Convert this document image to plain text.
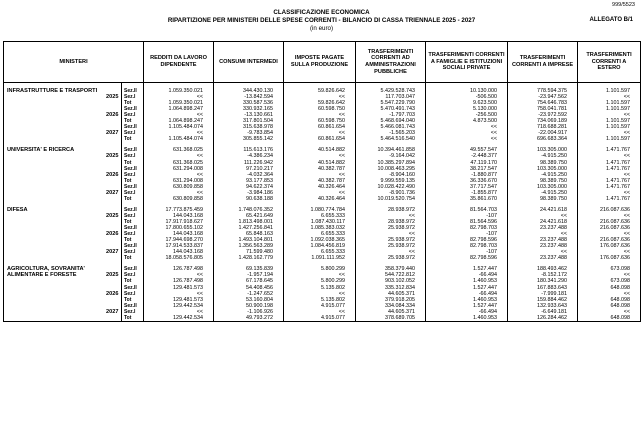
999/5523
CLASSIFICAZIONE ECONOMICA
RIPARTIZIONE PER MINISTERI DELLE SPESE CORRENTI - BILANCIO DI CASSA TRIENNALE 2025 - 2027
(in euro)
ALLEGATO B/1
MINISTERI		REDDITI DA LAVORO DIPENDENTE	CONSUMI INTERMEDI	IMPOSTE PAGATE SULLA PRODUZIONE	TRASFERIMENTI CORRENTI AD AMMINISTRAZIONI PUBBLICHE	TRASFERIMENTI CORRENTI A FAMIGLIE E ISTITUZIONI SOCIALI PRIVATE	TRASFERIMENTI CORRENTI A IMPRESE	TRASFERIMENTI CORRENTI A ESTERO

INFRASTRUTTURE E TRASPORTI	Sez.II	1.059.350.021	344.430.130	59.826.642	5.429.528.743	10.130.000	778.594.375	1.101.597

	2025 Sez.I	<<	-13.842.594	<<	117.703.047	-506.500	-23.947.562	<<
	Tot	1.059.350.021	330.587.536	59.826.642	5.547.229.790	9.623.500	754.646.783	1.101.597
	Sez.II	1.064.898.247	330.932.165	60.598.750	5.470.491.743	5.130.000	758.041.781	1.101.597

	2026 Sez.I	<<	-13.130.661	<<	-1.797.703	-256.500	-23.972.592	<<
	Tot	1.064.898.247	317.801.504	60.598.750	5.468.694.040	4.873.500	734.069.189	1.101.597
	Sez.II	1.105.484.074	315.638.978	60.861.654	5.466.081.743	<<	718.688.281	1.101.597

	2027 Sez.I	<<	-9.783.854	<<	-1.565.203	<<	-22.004.917	<<
	Tot	1.105.484.074	305.855.142	60.861.654	5.464.516.540	<<	696.683.364	1.101.597

UNIVERSITA' E RICERCA	Sez.II	631.368.025	115.613.176	40.514.882	10.394.461.858	49.557.547	103.305.000	1.471.767

	2025 Sez.I	<<	-4.386.234	<<	-9.164.042	-2.448.377	-4.915.250	<<
	Tot	631.368.025	111.226.942	40.514.882	10.385.297.894	47.119.170	98.389.750	1.471.767
	Sez.II	631.294.008	97.210.217	40.382.787	10.008.463.295	38.217.547	103.305.000	1.471.767

	2026 Sez.I	<<	-4.032.364	<<	-8.904.160	-1.880.877	-4.915.250	<<
	Tot	631.294.008	93.177.853	40.382.787	9.999.559.135	36.336.670	98.389.750	1.471.767
	Sez.II	630.809.858	94.622.374	40.326.464	10.028.422.490	37.717.547	103.305.000	1.471.767

	2027 Sez.I	<<	-3.984.186	<<	-8.901.736	-1.855.877	-4.915.250	<<
	Tot	630.809.858	90.638.188	40.326.464	10.019.520.754	35.861.670	98.389.750	1.471.767

DIFESA	Sez.II	17.773.875.459	1.748.076.352	1.080.774.784	28.938.972	81.564.703	24.421.618	216.087.636

	2025 Sez.I	144.043.168	65.421.649	6.655.333	<<	-107	<<	<<
	Tot	17.917.918.627	1.813.498.001	1.087.430.117	28.938.972	81.564.596	24.421.618	216.087.636
	Sez.II	17.800.655.102	1.427.256.841	1.085.383.032	25.938.972	82.798.703	23.237.488	216.087.636

	2026 Sez.I	144.043.168	65.848.163	6.655.333	<<	-107	<<	<<
	Tot	17.944.698.270	1.493.104.801	1.092.038.365	25.938.972	82.798.596	23.237.488	216.087.636
	Sez.II	17.914.533.837	1.356.563.289	1.084.456.819	25.938.972	82.798.703	23.237.488	176.087.636

	2027 Sez.I	144.043.168	71.599.480	6.655.333	<<	-107	<<	<<
	Tot	18.058.576.805	1.428.162.779	1.091.111.952	25.938.972	82.798.596	23.237.488	176.087.636

AGRICOLTURA, SOVRANITA' ALIMENTARE E FORESTE	Sez.II	126.787.498	69.135.839	5.800.299	358.379.440	1.527.447	188.493.462	673.098

	2025 Sez.I	<<	-1.957.194	<<	544.722.812	-66.494	-8.152.172	<<
	Tot	126.787.498	67.178.645	5.800.299	903.102.052	1.460.953	180.341.290	673.098
	Sez.II	129.481.573	54.408.456	5.135.802	335.312.834	1.527.447	167.883.643	648.098

	2026 Sez.I	<<	-1.247.652	<<	44.605.371	-66.494	-7.999.181	<<
	Tot	129.481.573	53.160.804	5.135.802	379.918.205	1.460.953	159.884.462	648.098
	Sez.II	129.442.534	50.900.198	4.915.077	334.084.334	1.527.447	132.933.643	648.098

	2027 Sez.I	<<	-1.106.926	<<	44.605.371	-66.494	-6.649.181	<<
	Tot	129.442.534	49.793.272	4.915.077	378.689.705	1.460.953	126.284.462	648.098
